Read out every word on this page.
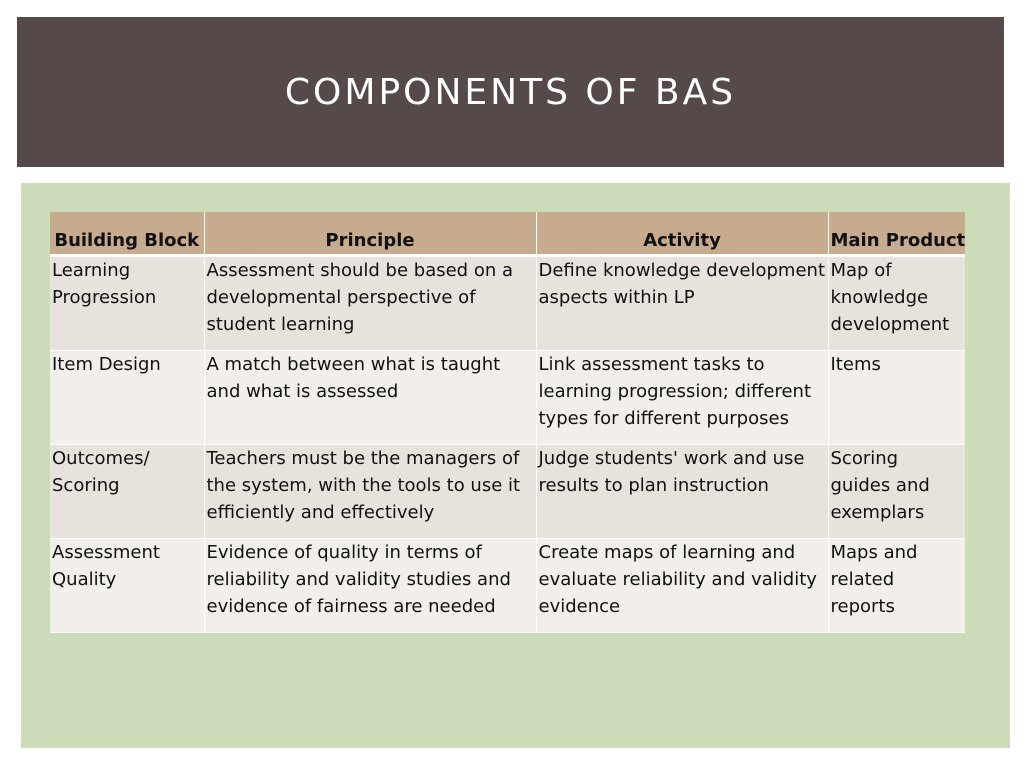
COMPONENTS OF BAS
Building Block	Principle	Activity	Main Product
Learning Progression	Assessment should be based on a developmental perspective of student learning	Define knowledge development aspects within LP	Map of knowledge development
Item Design	A match between what is taught and what is assessed	Link assessment tasks to learning progression; different types for different purposes	Items
Outcomes/ Scoring	Teachers must be the managers of the system, with the tools to use it efficiently and effectively	Judge students' work and use results to plan instruction	Scoring guides and exemplars
Assessment Quality	Evidence of quality in terms of reliability and validity studies and evidence of fairness are needed	Create maps of learning and evaluate reliability and validity evidence	Maps and related reports
